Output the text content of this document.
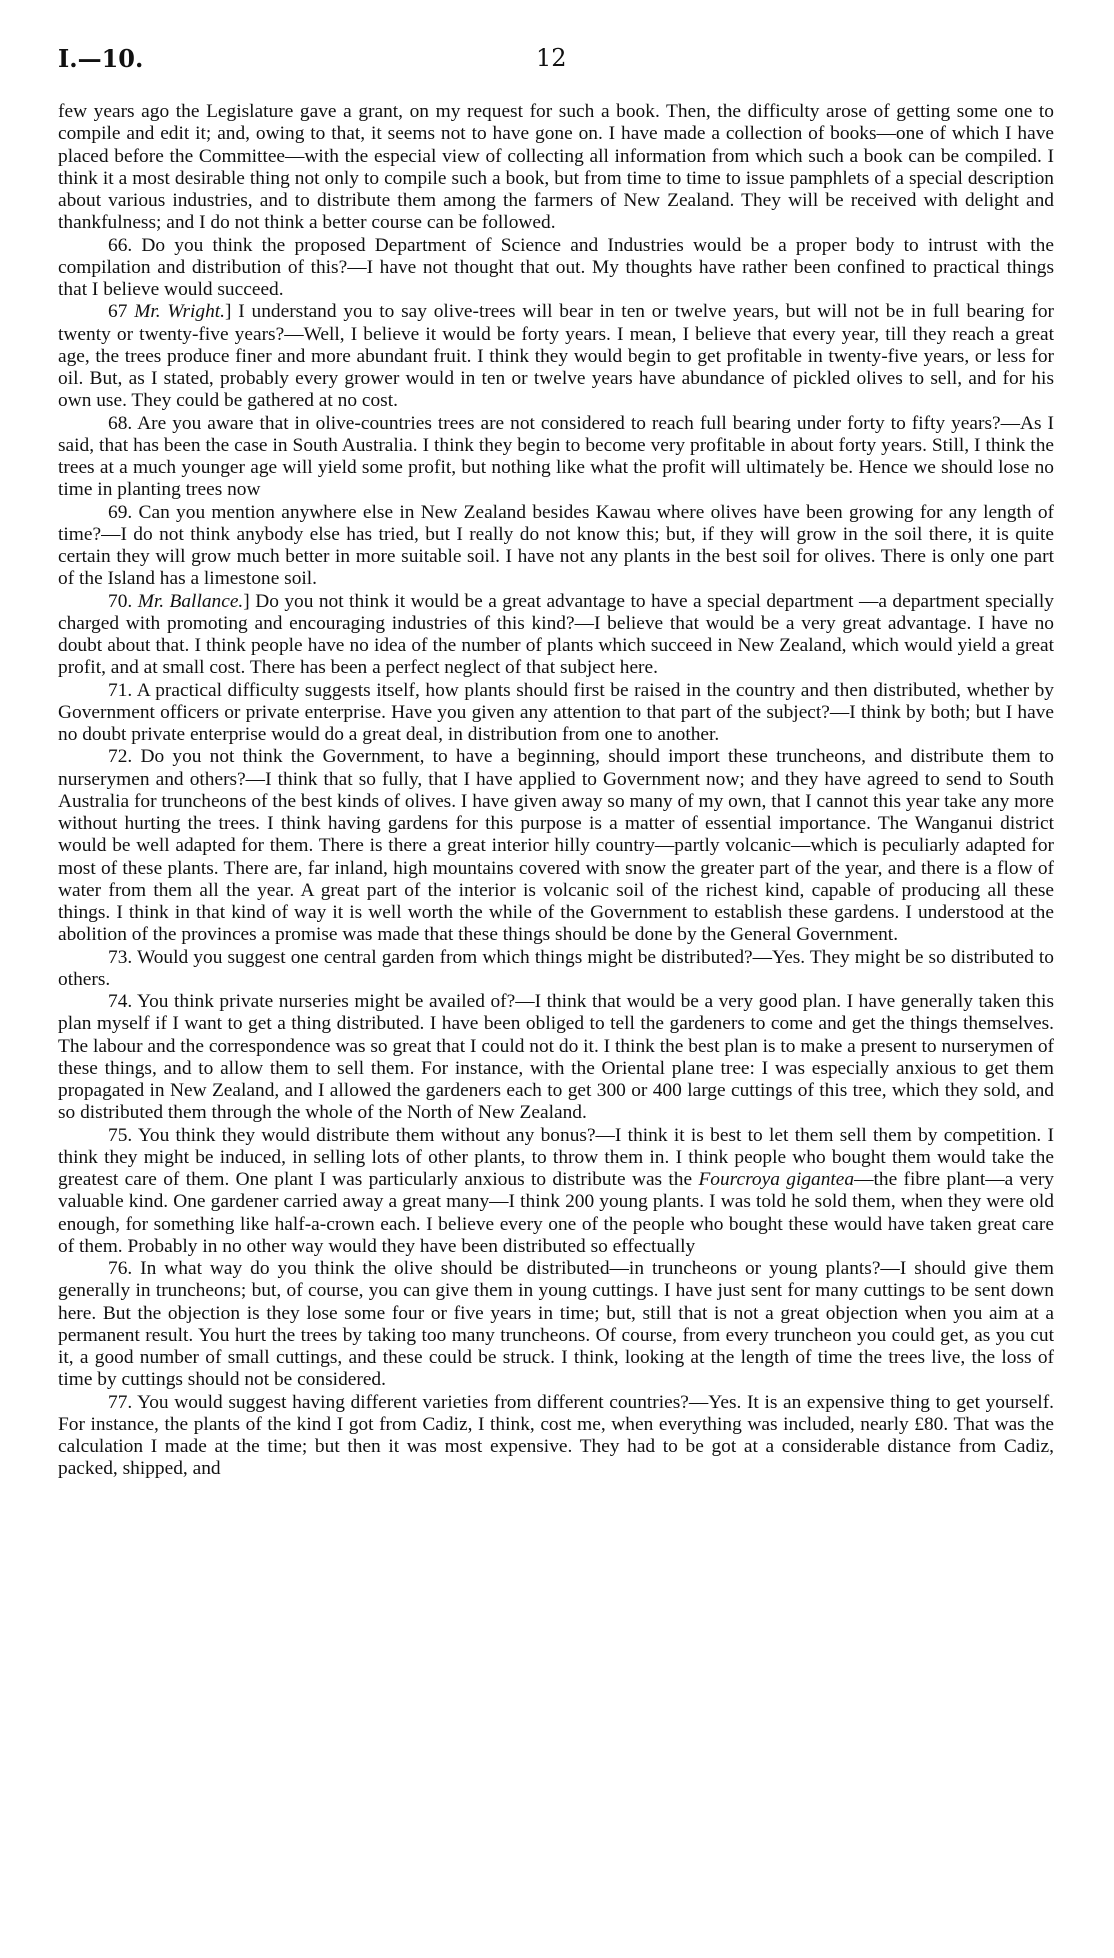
I.—10.	12

few years ago the Legislature gave a grant, on my request for such a book. Then, the difficulty arose of getting some one to compile and edit it; and, owing to that, it seems not to have gone on. I have made a collection of books—one of which I have placed before the Committee—with the especial view of collecting all information from which such a book can be compiled. I think it a most desirable thing not only to compile such a book, but from time to time to issue pamphlets of a special description about various industries, and to distribute them among the farmers of New Zealand. They will be received with delight and thankfulness; and I do not think a better course can be followed.

66. Do you think the proposed Department of Science and Industries would be a proper body to intrust with the compilation and distribution of this?—I have not thought that out. My thoughts have rather been confined to practical things that I believe would succeed.

67 Mr. Wright.] I understand you to say olive-trees will bear in ten or twelve years, but will not be in full bearing for twenty or twenty-five years?—Well, I believe it would be forty years. I mean, I believe that every year, till they reach a great age, the trees produce finer and more abundant fruit. I think they would begin to get profitable in twenty-five years, or less for oil. But, as I stated, probably every grower would in ten or twelve years have abundance of pickled olives to sell, and for his own use. They could be gathered at no cost.

68. Are you aware that in olive-countries trees are not considered to reach full bearing under forty to fifty years?—As I said, that has been the case in South Australia. I think they begin to become very profitable in about forty years. Still, I think the trees at a much younger age will yield some profit, but nothing like what the profit will ultimately be. Hence we should lose no time in planting trees now

69. Can you mention anywhere else in New Zealand besides Kawau where olives have been growing for any length of time?—I do not think anybody else has tried, but I really do not know this; but, if they will grow in the soil there, it is quite certain they will grow much better in more suitable soil. I have not any plants in the best soil for olives. There is only one part of the Island has a limestone soil.

70. Mr. Ballance.] Do you not think it would be a great advantage to have a special department —a department specially charged with promoting and encouraging industries of this kind?—I believe that would be a very great advantage. I have no doubt about that. I think people have no idea of the number of plants which succeed in New Zealand, which would yield a great profit, and at small cost. There has been a perfect neglect of that subject here.

71. A practical difficulty suggests itself, how plants should first be raised in the country and then distributed, whether by Government officers or private enterprise. Have you given any attention to that part of the subject?—I think by both; but I have no doubt private enterprise would do a great deal, in distribution from one to another.

72. Do you not think the Government, to have a beginning, should import these truncheons, and distribute them to nurserymen and others?—I think that so fully, that I have applied to Government now; and they have agreed to send to South Australia for truncheons of the best kinds of olives. I have given away so many of my own, that I cannot this year take any more without hurting the trees. I think having gardens for this purpose is a matter of essential importance. The Wanganui district would be well adapted for them. There is there a great interior hilly country—partly volcanic—which is peculiarly adapted for most of these plants. There are, far inland, high mountains covered with snow the greater part of the year, and there is a flow of water from them all the year. A great part of the interior is volcanic soil of the richest kind, capable of producing all these things. I think in that kind of way it is well worth the while of the Government to establish these gardens. I understood at the abolition of the provinces a promise was made that these things should be done by the General Government.

73. Would you suggest one central garden from which things might be distributed?—Yes. They might be so distributed to others.

74. You think private nurseries might be availed of?—I think that would be a very good plan. I have generally taken this plan myself if I want to get a thing distributed. I have been obliged to tell the gardeners to come and get the things themselves. The labour and the correspondence was so great that I could not do it. I think the best plan is to make a present to nurserymen of these things, and to allow them to sell them. For instance, with the Oriental plane tree: I was especially anxious to get them propagated in New Zealand, and I allowed the gardeners each to get 300 or 400 large cuttings of this tree, which they sold, and so distributed them through the whole of the North of New Zealand.

75. You think they would distribute them without any bonus?—I think it is best to let them sell them by competition. I think they might be induced, in selling lots of other plants, to throw them in. I think people who bought them would take the greatest care of them. One plant I was particularly anxious to distribute was the Fourcroya gigantea—the fibre plant—a very valuable kind. One gardener carried away a great many—I think 200 young plants. I was told he sold them, when they were old enough, for something like half-a-crown each. I believe every one of the people who bought these would have taken great care of them. Probably in no other way would they have been distributed so effectually

76. In what way do you think the olive should be distributed—in truncheons or young plants?—I should give them generally in truncheons; but, of course, you can give them in young cuttings. I have just sent for many cuttings to be sent down here. But the objection is they lose some four or five years in time; but, still that is not a great objection when you aim at a permanent result. You hurt the trees by taking too many truncheons. Of course, from every truncheon you could get, as you cut it, a good number of small cuttings, and these could be struck. I think, looking at the length of time the trees live, the loss of time by cuttings should not be considered.

77. You would suggest having different varieties from different countries?—Yes. It is an expensive thing to get yourself. For instance, the plants of the kind I got from Cadiz, I think, cost me, when everything was included, nearly £80. That was the calculation I made at the time; but then it was most expensive. They had to be got at a considerable distance from Cadiz, packed, shipped, and
